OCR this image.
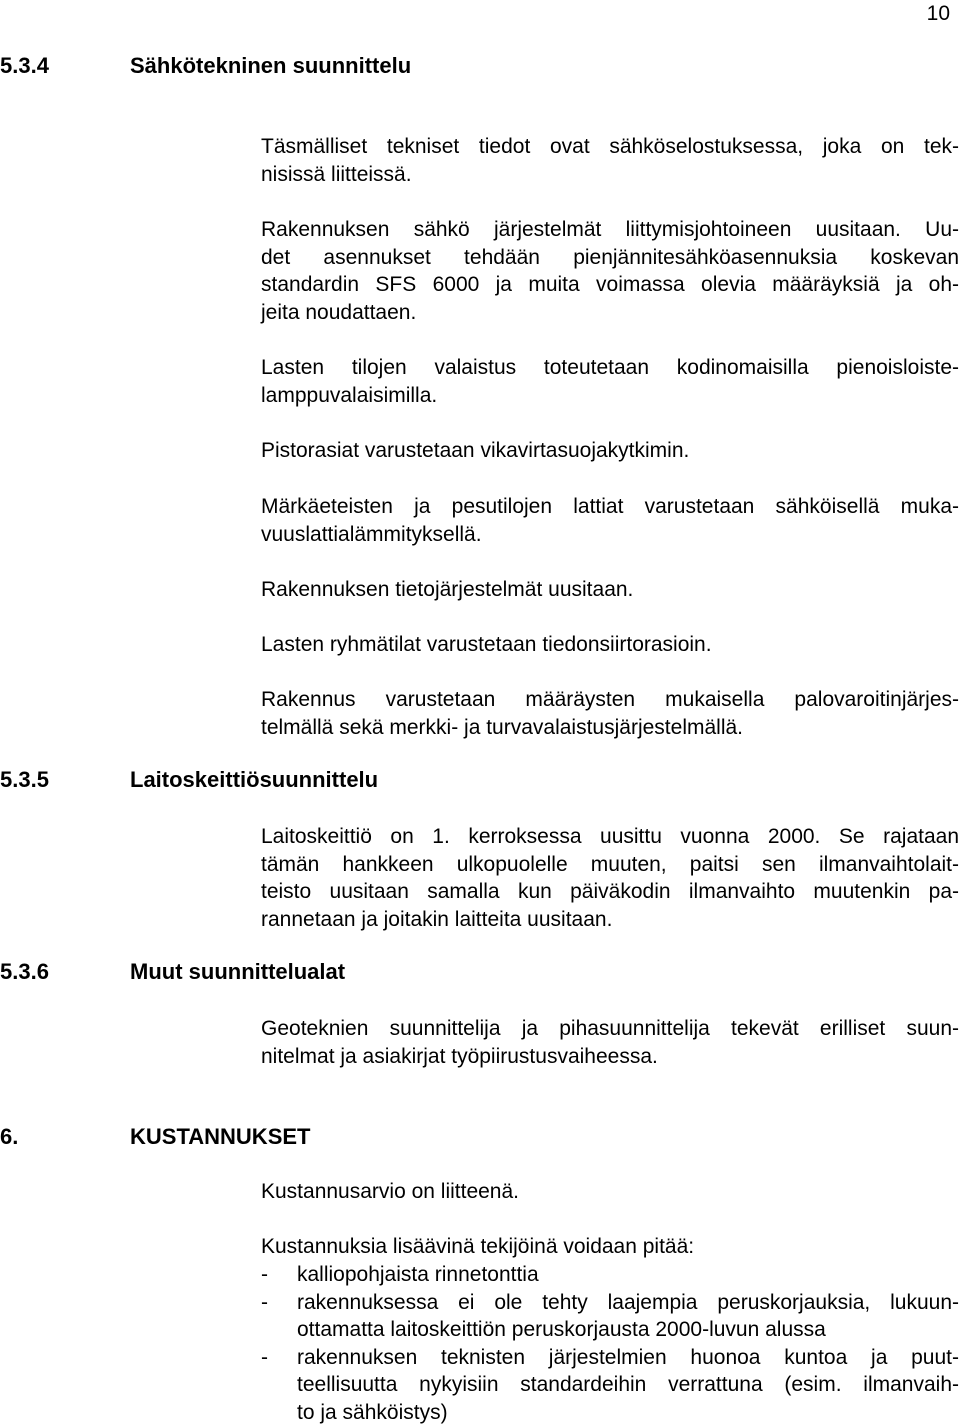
10
5.3.4	Sähkötekninen suunnittelu
Täsmälliset tekniset tiedot ovat sähköselostuksessa, joka on tek-
nisissä liitteissä.
Rakennuksen sähkö järjestelmät liittymisjohtoineen uusitaan. Uu-
det asennukset tehdään pienjännitesähköasennuksia koskevan
standardin SFS 6000 ja muita voimassa olevia määräyksiä ja oh-
jeita noudattaen.
Lasten tilojen valaistus toteutetaan kodinomaisilla pienoisloiste-
lamppuvalaisimilla.
Pistorasiat varustetaan vikavirtasuojakytkimin.
Märkäeteisten ja pesutilojen lattiat varustetaan sähköisellä muka-
vuuslattialämmityksellä.
Rakennuksen tietojärjestelmät uusitaan.
Lasten ryhmätilat varustetaan tiedonsiirtorasioin.
Rakennus varustetaan määräysten mukaisella palovaroitinjärjes-
telmällä sekä merkki- ja turvavalaistusjärjestelmällä.
5.3.5	Laitoskeittiösuunnittelu
Laitoskeittiö on 1. kerroksessa uusittu vuonna 2000. Se rajataan
tämän hankkeen ulkopuolelle muuten, paitsi sen ilmanvaihtolait-
teisto uusitaan samalla kun päiväkodin ilmanvaihto muutenkin pa-
rannetaan ja joitakin laitteita uusitaan.
5.3.6	Muut suunnittelualat
Geoteknien suunnittelija ja pihasuunnittelija tekevät erilliset suun-
nitelmat ja asiakirjat työpiirustusvaiheessa.
6.	KUSTANNUKSET
Kustannusarvio on liitteenä.
Kustannuksia lisäävinä tekijöinä voidaan pitää:
- kalliopohjaista rinnetonttia
- rakennuksessa ei ole tehty laajempia peruskorjauksia, lukuun-
ottamatta laitoskeittiön peruskorjausta 2000-luvun alussa
- rakennuksen teknisten järjestelmien huonoa kuntoa ja puut-
teellisuutta nykyisiin standardeihin verrattuna (esim. ilmanvaih-
to ja sähköistys)
